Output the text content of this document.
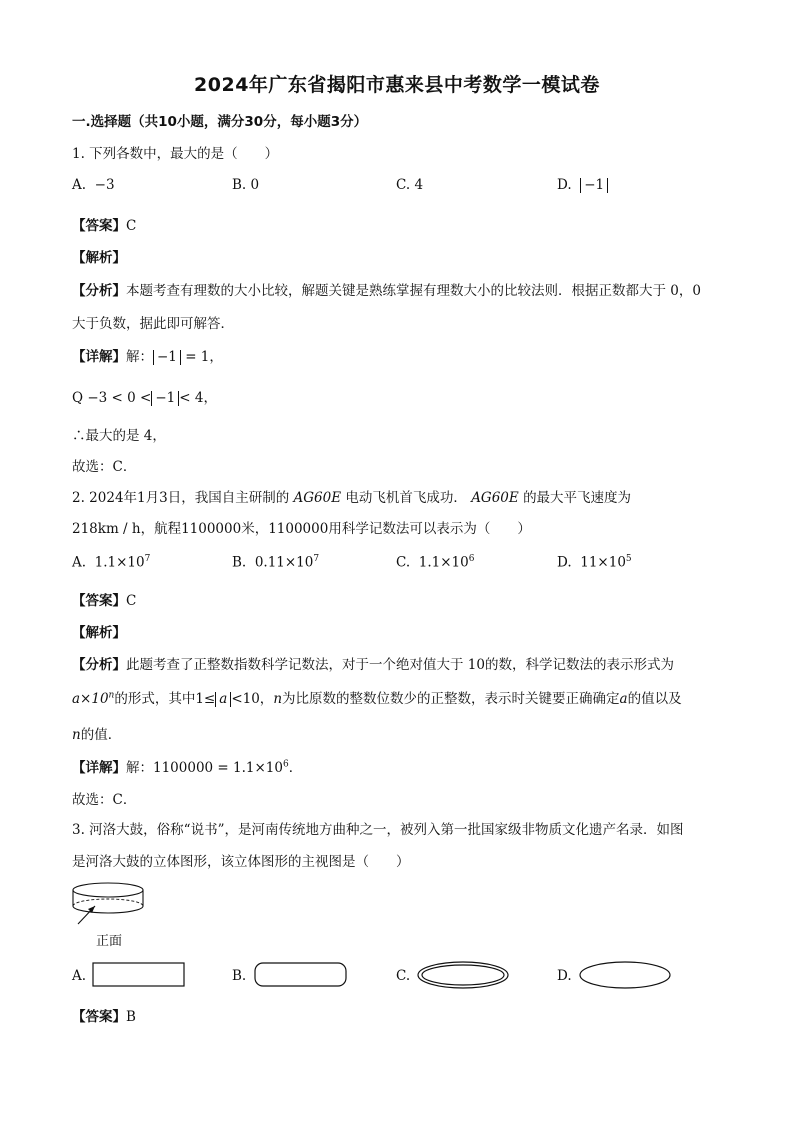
2024年广东省揭阳市惠来县中考数学一模试卷
一.选择题（共10小题，满分30分，每小题3分）
1. 下列各数中，最大的是（　　）
A. −3	B. 0	C. 4	D. −1
【答案】C
【解析】
【分析】本题考查有理数的大小比较，解题关键是熟练掌握有理数大小的比较法则．根据正数都大于 0，0
大于负数，据此即可解答．
【详解】解： −1 = 1，
Q −3 < 0 < −1 < 4，
∴最大的是 4，
故选：C．
2. 2024年1月3日，我国自主研制的 AG60E 电动飞机首飞成功． AG60E 的最大平飞速度为
218km / h，航程1100000米，1100000用科学记数法可以表示为（　　）
A. $1.1\times 10^7$	B. $0.11\times 10^7$	C. $1.1\times 10^6$	D. $11\times 10^5$
【答案】C
【解析】
【分析】此题考查了正整数指数科学记数法，对于一个绝对值大于 10的数，科学记数法的表示形式为
$a\times 10^n$的形式，其中1≤ a <10，n为比原数的整数位数少的正整数，表示时关键要正确确定a的值以及
n的值．
【详解】解：$1100000 = 1.1\times 10^6$．
故选：C．
3. 河洛大鼓，俗称“说书”，是河南传统地方曲种之一，被列入第一批国家级非物质文化遗产名录．如图
是河洛大鼓的立体图形，该立体图形的主视图是（　　）
正面
A.	B.	C.	D.
【答案】B
